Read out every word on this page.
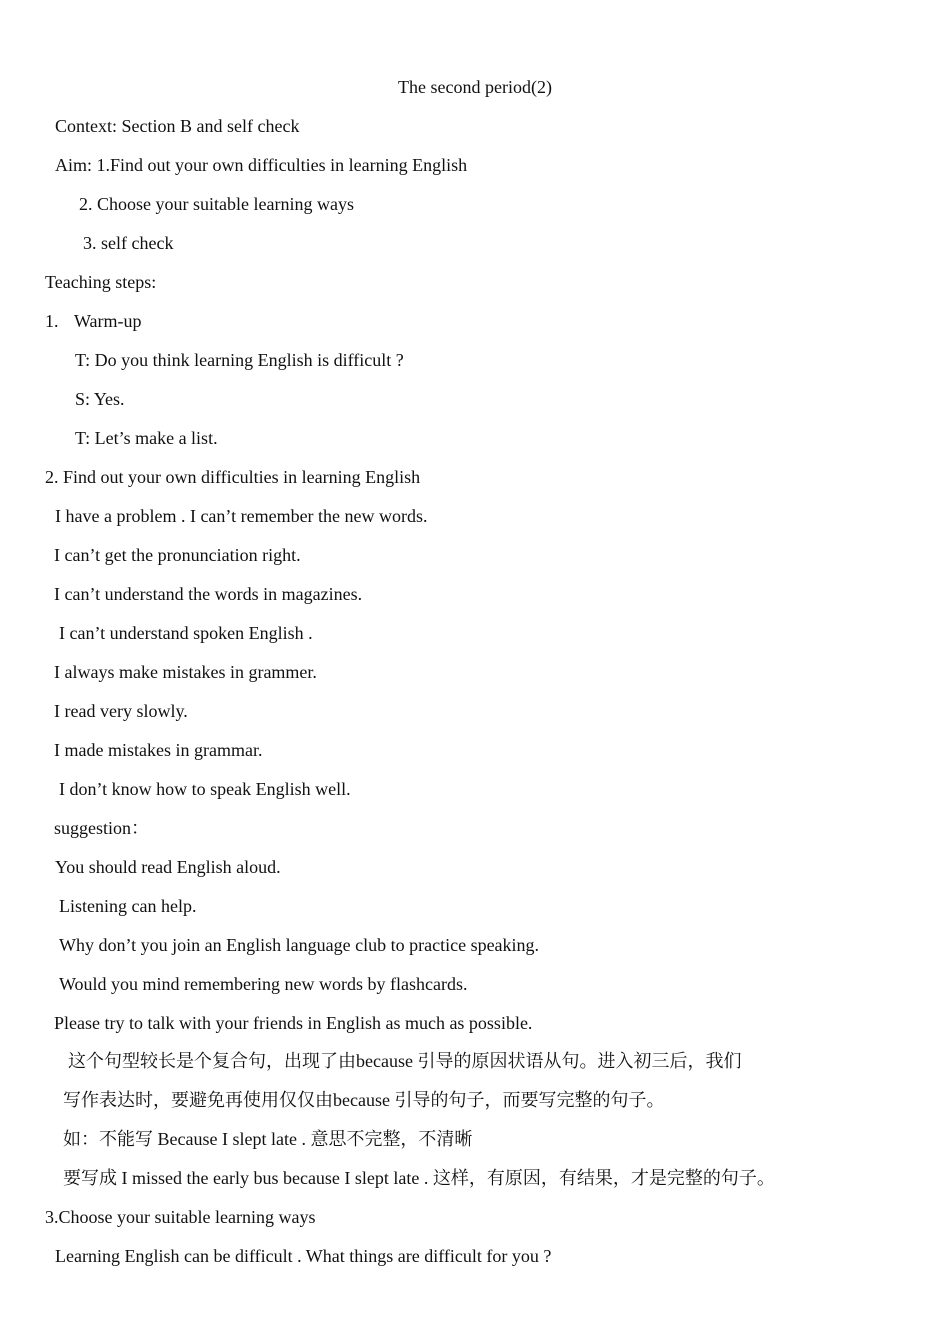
The second period(2)
Context: Section B and self check
Aim: 1.Find out your own difficulties in learning English
2. Choose your suitable learning ways
3. self check
Teaching steps:
1. Warm-up
T: Do you think learning English is difficult ?
S: Yes.
T: Let’s make a list.
2. Find out your own difficulties in learning English
I have a problem . I can’t remember the new words.
I can’t get the pronunciation right.
I can’t understand the words in magazines.
I can’t understand spoken English .
I always make mistakes in grammer.
I read very slowly.
I made mistakes in grammar.
I don’t know how to speak English well.
suggestion：
You should read English aloud.
Listening can help.
Why don’t you join an English language club to practice speaking.
Would you mind remembering new words by flashcards.
Please try to talk with your friends in English as much as possible.
这个句型较长是个复合句，出现了由because 引导的原因状语从句。进入初三后，我们
写作表达时，要避免再使用仅仅由because 引导的句子，而要写完整的句子。
如：不能写 Because I slept late . 意思不完整，不清晰
要写成 I missed the early bus because I slept late . 这样，有原因，有结果，才是完整的句子。
3.Choose your suitable learning ways
Learning English can be difficult . What things are difficult for you ?
